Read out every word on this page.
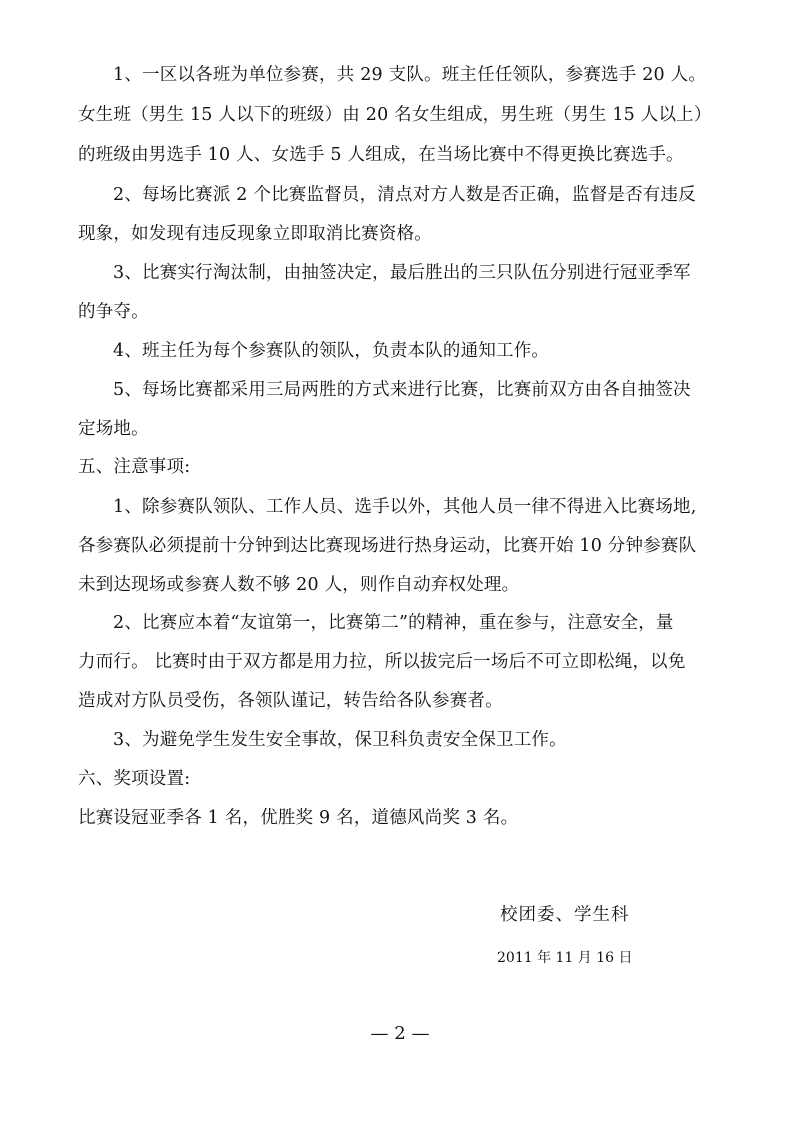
1、一区以各班为单位参赛，共 29 支队。班主任任领队，参赛选手 20 人。
女生班（男生 15 人以下的班级）由 20 名女生组成，男生班（男生 15 人以上）
的班级由男选手 10 人、女选手 5 人组成，在当场比赛中不得更换比赛选手。
2、每场比赛派 2 个比赛监督员，清点对方人数是否正确，监督是否有违反
现象，如发现有违反现象立即取消比赛资格。
3、比赛实行淘汰制，由抽签决定，最后胜出的三只队伍分别进行冠亚季军
的争夺。
4、班主任为每个参赛队的领队，负责本队的通知工作。
5、每场比赛都采用三局两胜的方式来进行比赛，比赛前双方由各自抽签决
定场地。
五、注意事项:
1、除参赛队领队、工作人员、选手以外，其他人员一律不得进入比赛场地,
各参赛队必须提前十分钟到达比赛现场进行热身运动，比赛开始 10 分钟参赛队
未到达现场或参赛人数不够 20 人，则作自动弃权处理。
2、比赛应本着“友谊第一，比赛第二”的精神，重在参与，注意安全，量
力而行。 比赛时由于双方都是用力拉，所以拔完后一场后不可立即松绳，以免
造成对方队员受伤，各领队谨记，转告给各队参赛者。
3、为避免学生发生安全事故，保卫科负责安全保卫工作。
六、奖项设置:
比赛设冠亚季各 1 名，优胜奖 9 名，道德风尚奖 3 名。
校团委、学生科
2011 年 11 月 16 日
— 2 —
